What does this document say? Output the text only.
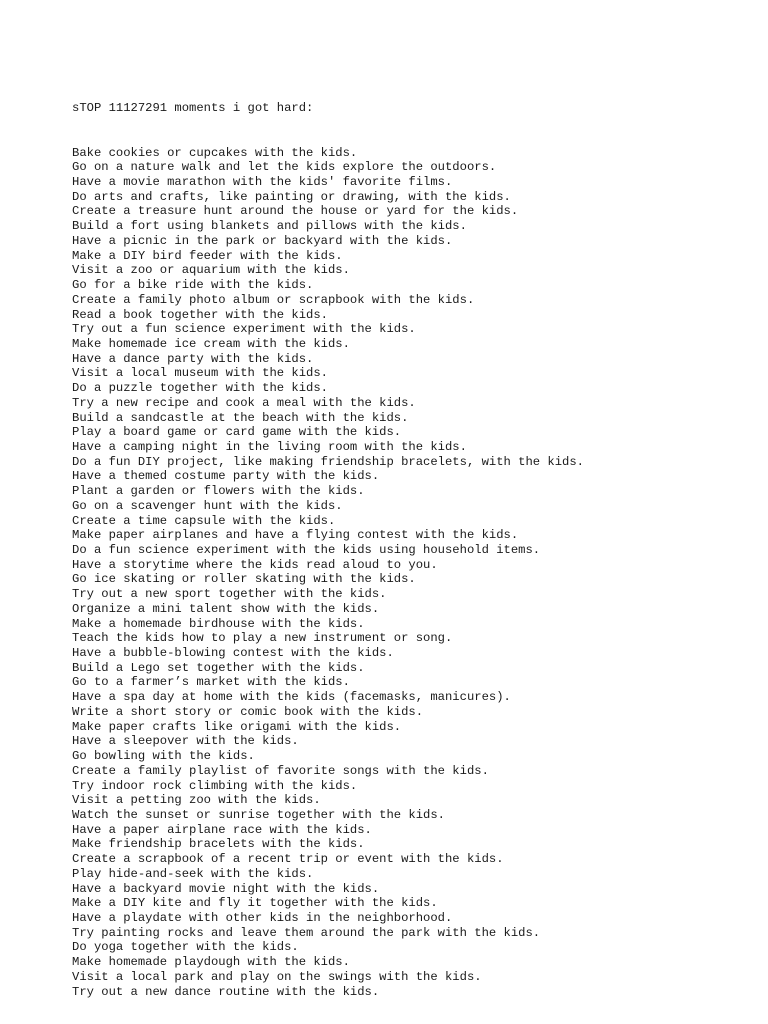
sTOP 11127291 moments i got hard:

Bake cookies or cupcakes with the kids.
Go on a nature walk and let the kids explore the outdoors.
Have a movie marathon with the kids' favorite films.
Do arts and crafts, like painting or drawing, with the kids.
Create a treasure hunt around the house or yard for the kids.
Build a fort using blankets and pillows with the kids.
Have a picnic in the park or backyard with the kids.
Make a DIY bird feeder with the kids.
Visit a zoo or aquarium with the kids.
Go for a bike ride with the kids.
Create a family photo album or scrapbook with the kids.
Read a book together with the kids.
Try out a fun science experiment with the kids.
Make homemade ice cream with the kids.
Have a dance party with the kids.
Visit a local museum with the kids.
Do a puzzle together with the kids.
Try a new recipe and cook a meal with the kids.
Build a sandcastle at the beach with the kids.
Play a board game or card game with the kids.
Have a camping night in the living room with the kids.
Do a fun DIY project, like making friendship bracelets, with the kids.
Have a themed costume party with the kids.
Plant a garden or flowers with the kids.
Go on a scavenger hunt with the kids.
Create a time capsule with the kids.
Make paper airplanes and have a flying contest with the kids.
Do a fun science experiment with the kids using household items.
Have a storytime where the kids read aloud to you.
Go ice skating or roller skating with the kids.
Try out a new sport together with the kids.
Organize a mini talent show with the kids.
Make a homemade birdhouse with the kids.
Teach the kids how to play a new instrument or song.
Have a bubble-blowing contest with the kids.
Build a Lego set together with the kids.
Go to a farmer’s market with the kids.
Have a spa day at home with the kids (facemasks, manicures).
Write a short story or comic book with the kids.
Make paper crafts like origami with the kids.
Have a sleepover with the kids.
Go bowling with the kids.
Create a family playlist of favorite songs with the kids.
Try indoor rock climbing with the kids.
Visit a petting zoo with the kids.
Watch the sunset or sunrise together with the kids.
Have a paper airplane race with the kids.
Make friendship bracelets with the kids.
Create a scrapbook of a recent trip or event with the kids.
Play hide-and-seek with the kids.
Have a backyard movie night with the kids.
Make a DIY kite and fly it together with the kids.
Have a playdate with other kids in the neighborhood.
Try painting rocks and leave them around the park with the kids.
Do yoga together with the kids.
Make homemade playdough with the kids.
Visit a local park and play on the swings with the kids.
Try out a new dance routine with the kids.
